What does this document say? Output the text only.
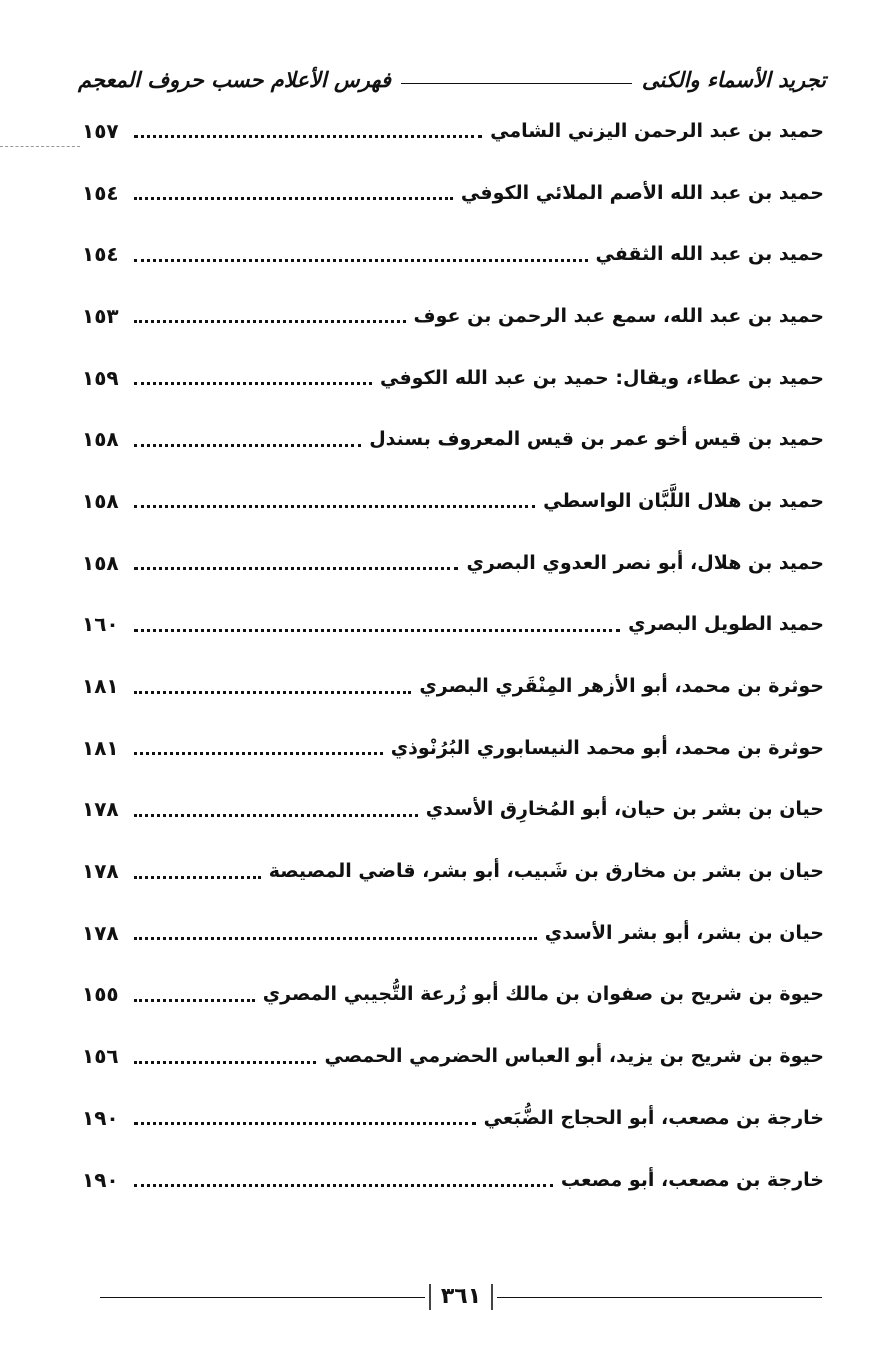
تجريد الأسماء والكنى
فهرس الأعلام حسب حروف المعجم
حميد بن عبد الرحمن اليزني الشامي
١٥٧
حميد بن عبد الله الأصم الملائي الكوفي
١٥٤
حميد بن عبد الله الثقفي
١٥٤
حميد بن عبد الله، سمع عبد الرحمن بن عوف
١٥٣
حميد بن عطاء، ويقال: حميد بن عبد الله الكوفي
١٥٩
حميد بن قيس أخو عمر بن قيس المعروف بسندل
١٥٨
حميد بن هلال اللَّبَّان الواسطي
١٥٨
حميد بن هلال، أبو نصر العدوي البصري
١٥٨
حميد الطويل البصري
١٦٠
حوثرة بن محمد، أبو الأزهر المِنْقَري البصري
١٨١
حوثرة بن محمد، أبو محمد النيسابوري البُرُنْوذي
١٨١
حيان بن بشر بن حيان، أبو المُخارِق الأسدي
١٧٨
حيان بن بشر بن مخارق بن شَبيب، أبو بشر، قاضي المصيصة
١٧٨
حيان بن بشر، أبو بشر الأسدي
١٧٨
حيوة بن شريح بن صفوان بن مالك أبو زُرعة التُّجيبي المصري
١٥٥
حيوة بن شريح بن يزيد، أبو العباس الحضرمي الحمصي
١٥٦
خارجة بن مصعب، أبو الحجاج الضُّبَعي
١٩٠
خارجة بن مصعب، أبو مصعب
١٩٠
٣٦١
